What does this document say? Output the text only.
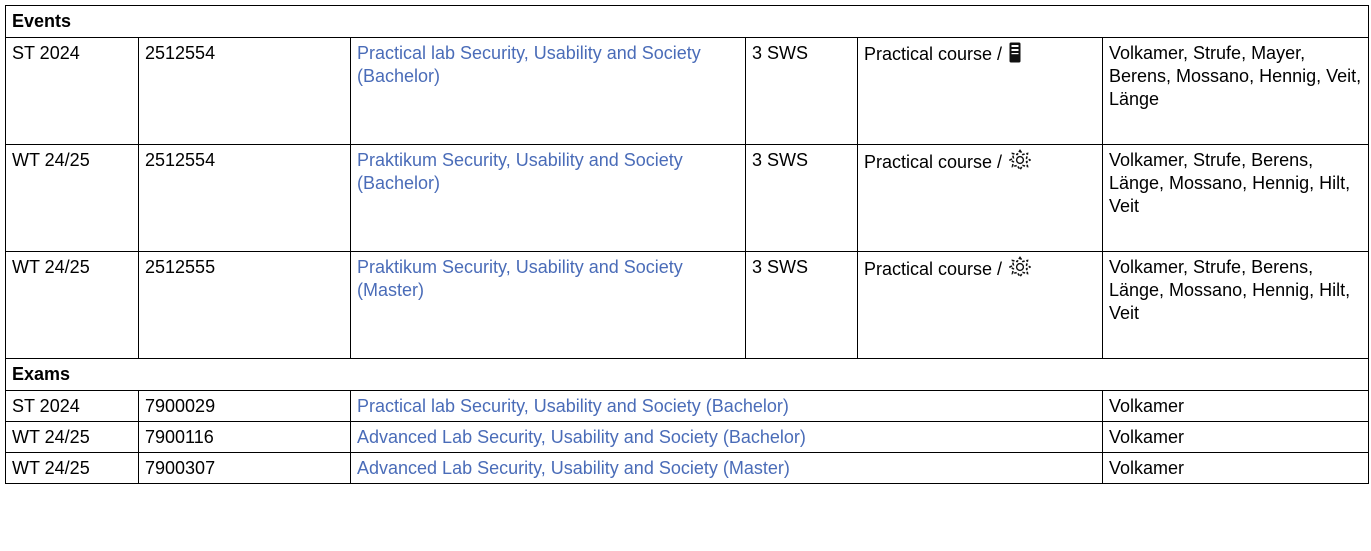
Events					
ST 2024	2512554	Practical lab Security, Usability and Society (Bachelor)	3 SWS	Practical course /	Volkamer, Strufe, Mayer, Berens, Mossano, Hennig, Veit, Länge
WT 24/25	2512554	Praktikum Security, Usability and Society (Bachelor)	3 SWS	Practical course /	Volkamer, Strufe, Berens, Länge, Mossano, Hennig, Hilt, Veit
WT 24/25	2512555	Praktikum Security, Usability and Society (Master)	3 SWS	Practical course /	Volkamer, Strufe, Berens, Länge, Mossano, Hennig, Hilt, Veit
Exams					
ST 2024	7900029	Practical lab Security, Usability and Society (Bachelor)			Volkamer
WT 24/25	7900116	Advanced Lab Security, Usability and Society (Bachelor)			Volkamer
WT 24/25	7900307	Advanced Lab Security, Usability and Society (Master)			Volkamer
